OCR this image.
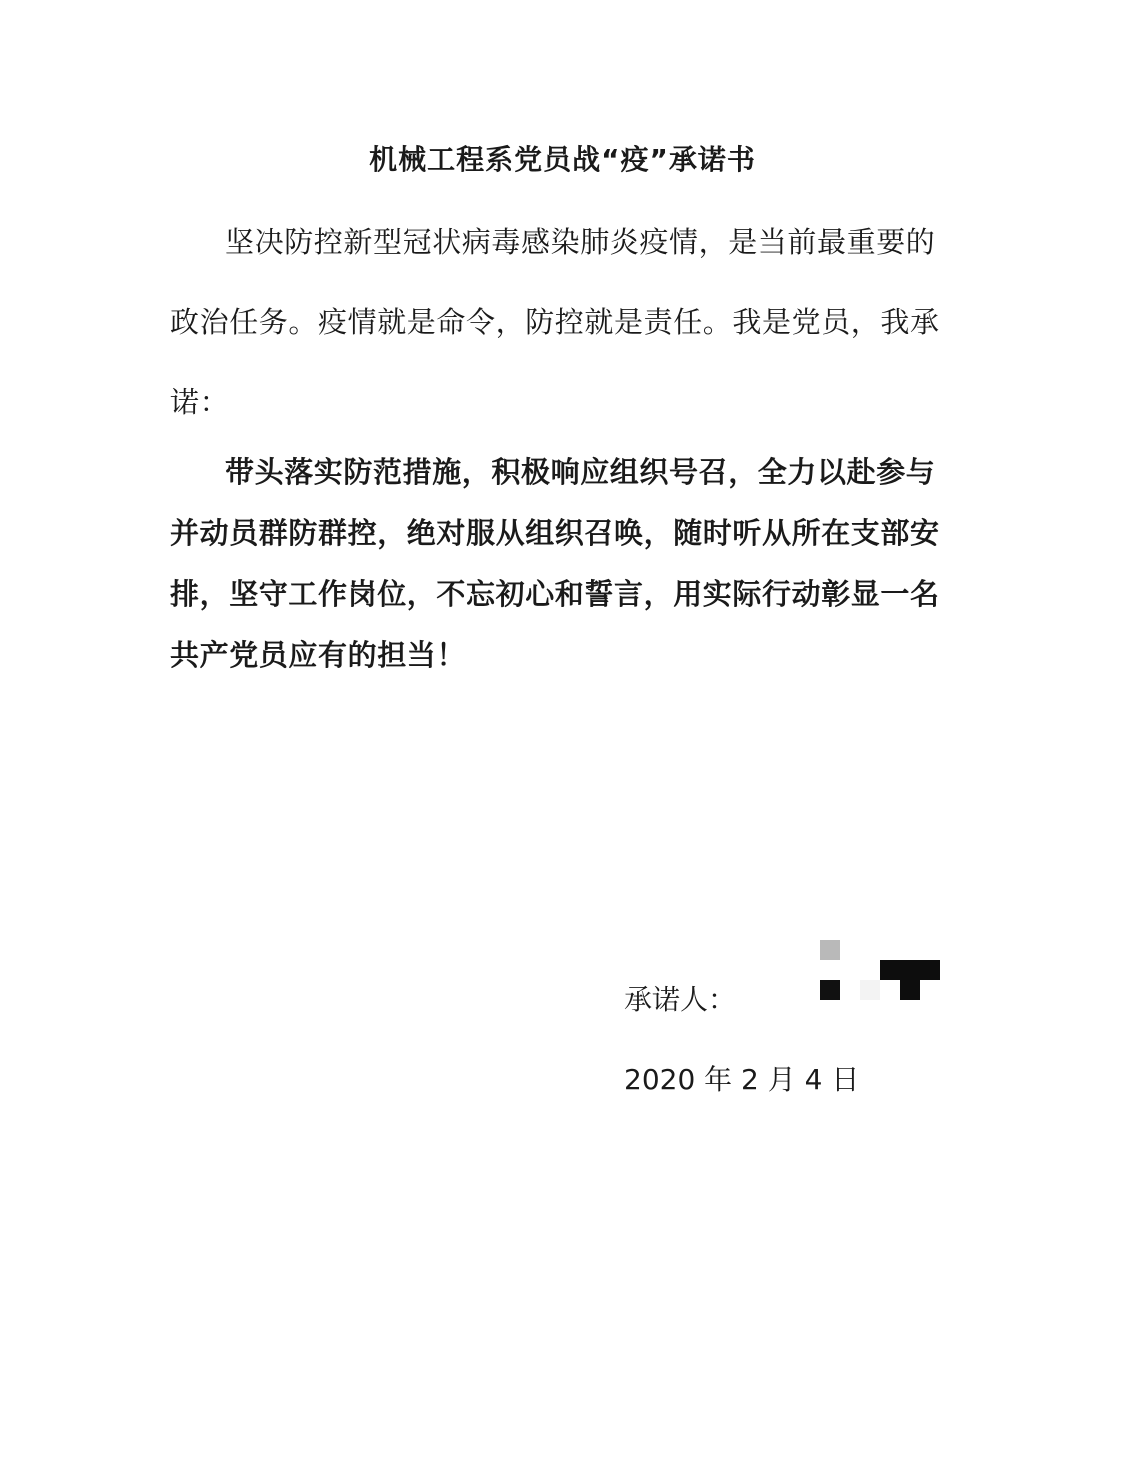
机械工程系党员战“疫”承诺书

坚决防控新型冠状病毒感染肺炎疫情，是当前最重要的

政治任务。疫情就是命令，防控就是责任。我是党员，我承

诺：

带头落实防范措施，积极响应组织号召，全力以赴参与

并动员群防群控，绝对服从组织召唤，随时听从所在支部安

排，坚守工作岗位，不忘初心和誓言，用实际行动彰显一名

共产党员应有的担当！

承诺人：

2020 年 2 月 4 日
